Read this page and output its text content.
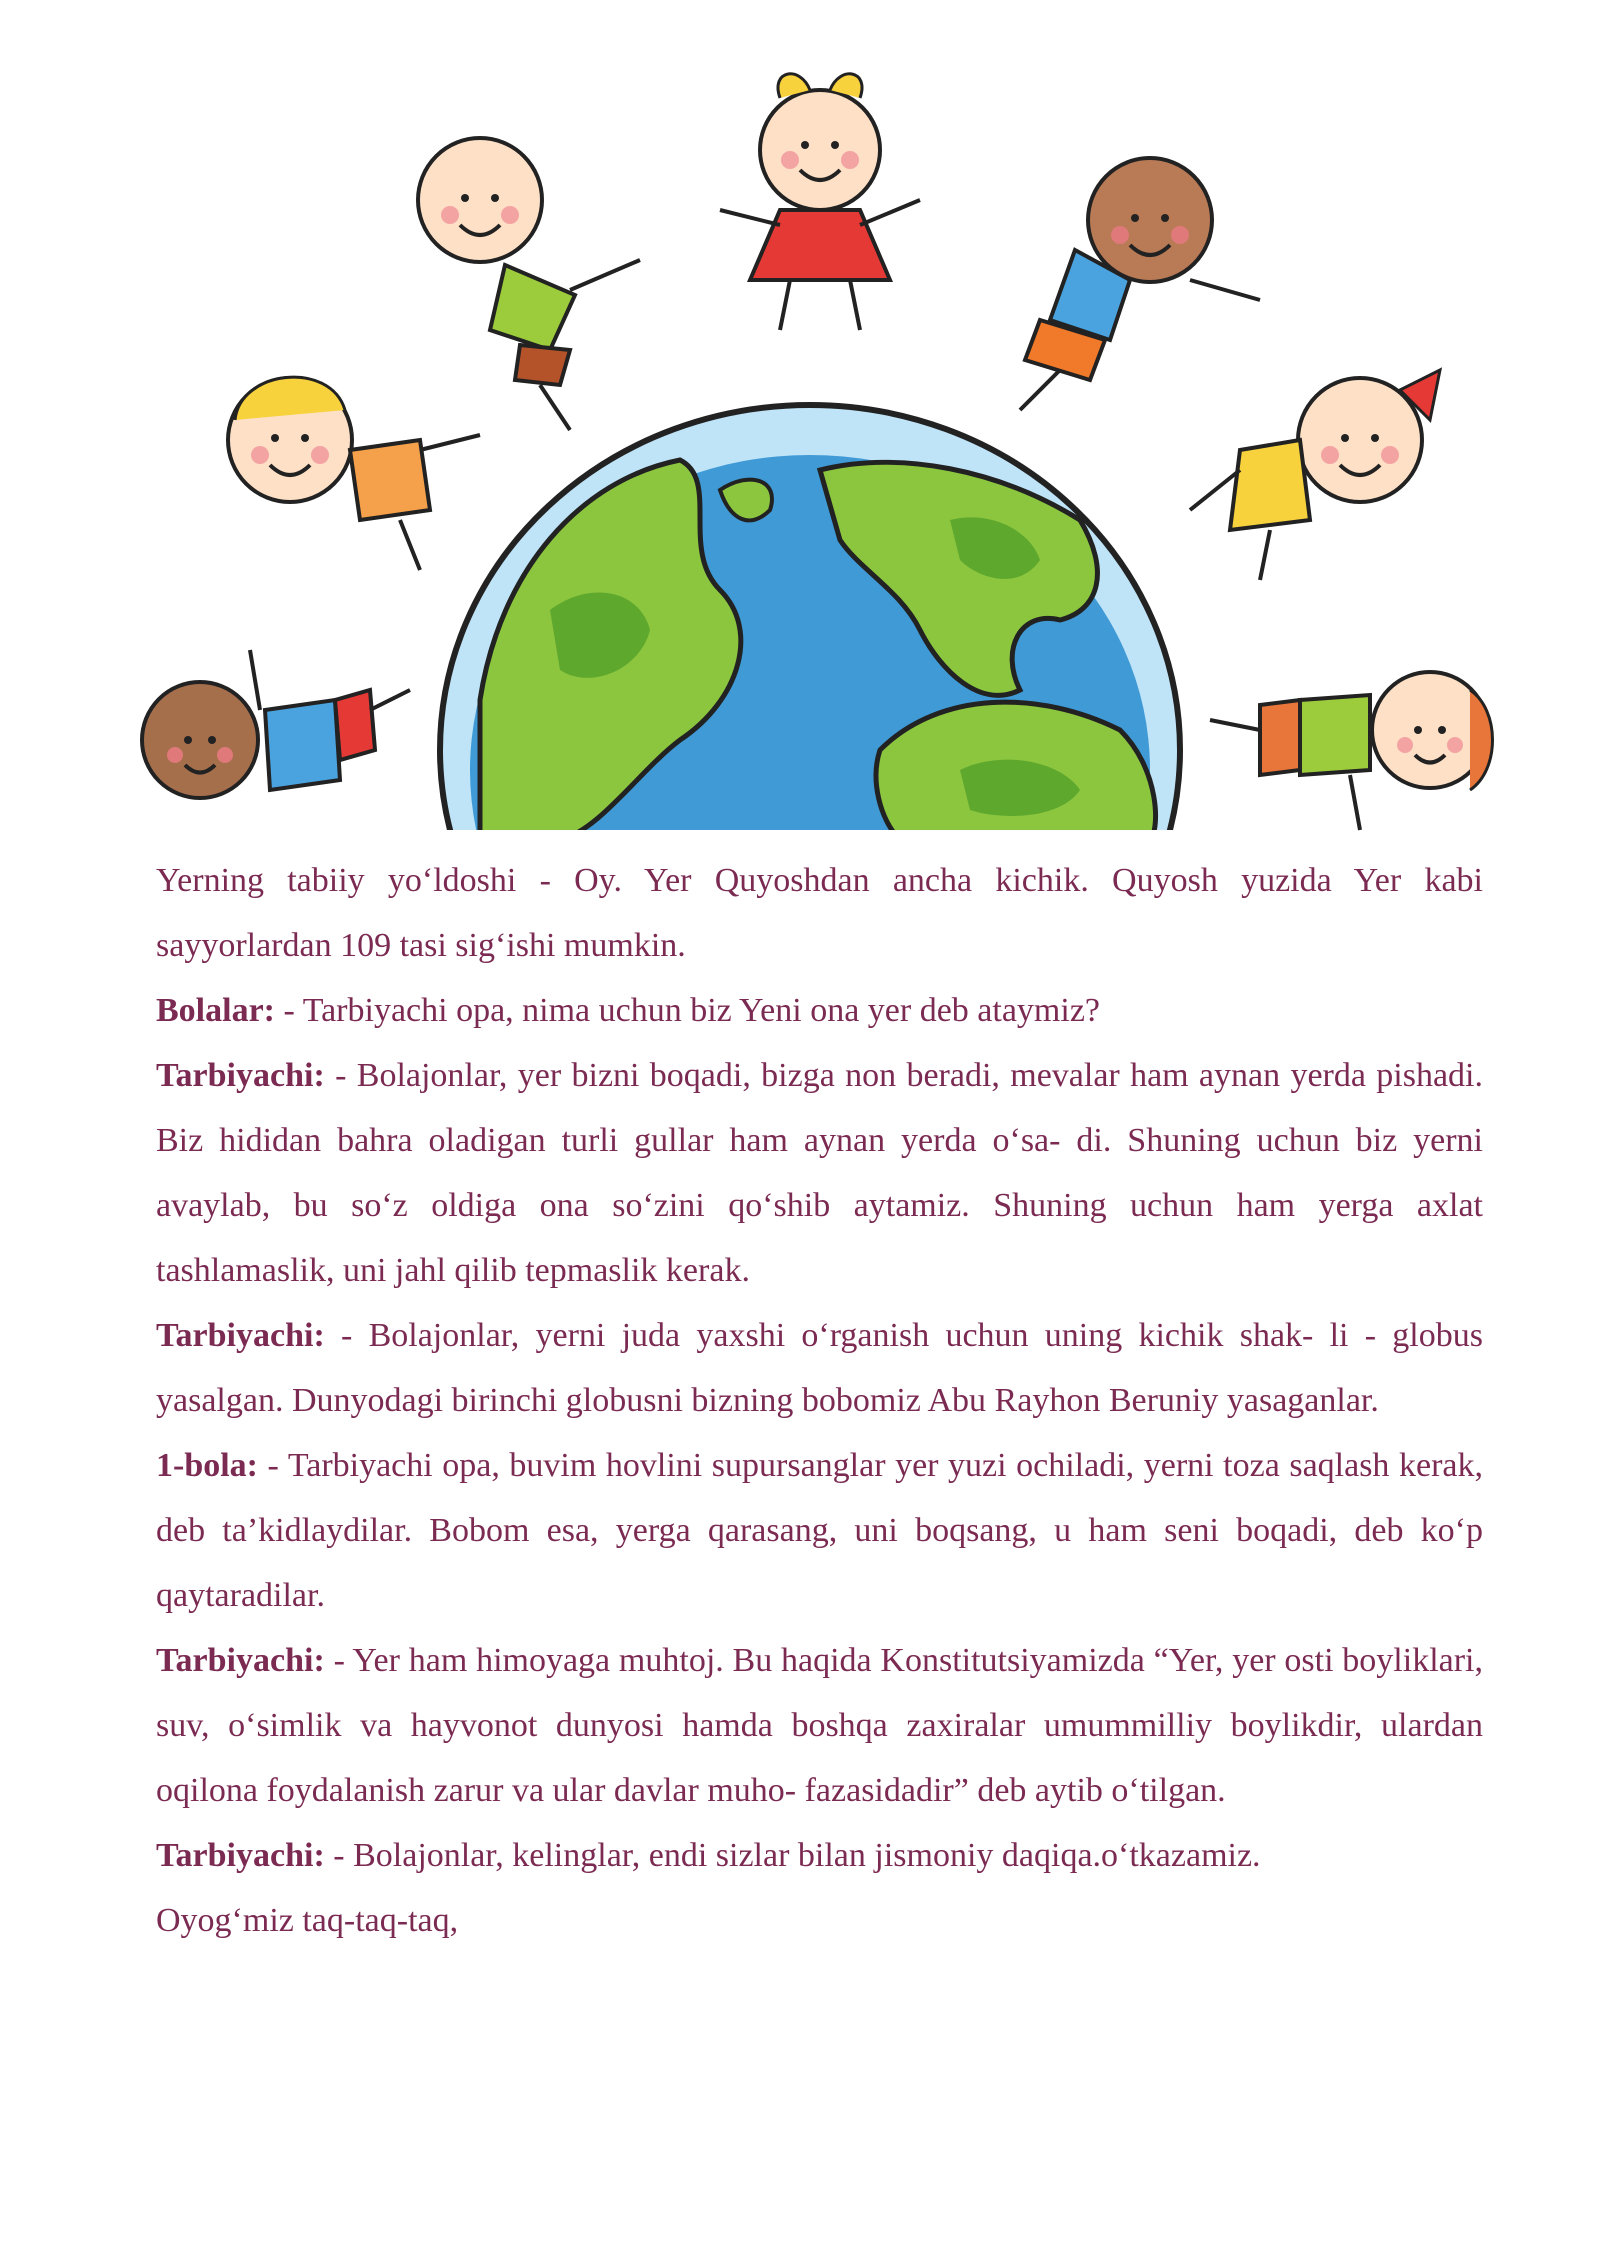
Yerning tabiiy yo‘ldoshi - Oy. Yer Quyoshdan ancha kichik. Quyosh yuzida Yer kabi sayyorlardan 109 tasi sig‘ishi mumkin.

Bolalar: - Tarbiyachi opa, nima uchun biz Yeni ona yer deb ataymiz?

Tarbiyachi: - Bolajonlar, yer bizni boqadi, bizga non beradi, mevalar ham aynan yerda pishadi. Biz hididan bahra oladigan turli gullar ham aynan yerda o‘sa- di. Shuning uchun biz yerni avaylab, bu so‘z oldiga ona so‘zini qo‘shib aytamiz. Shuning uchun ham yerga axlat tashlamaslik, uni jahl qilib tepmaslik kerak.

Tarbiyachi: - Bolajonlar, yerni juda yaxshi o‘rganish uchun uning kichik shak- li - globus yasalgan. Dunyodagi birinchi globusni bizning bobomiz Abu Rayhon Beruniy yasaganlar.

1-bola: - Tarbiyachi opa, buvim hovlini supursanglar yer yuzi ochiladi, yerni toza saqlash kerak, deb ta’kidlaydilar. Bobom esa, yerga qarasang, uni boqsang, u ham seni boqadi, deb ko‘p qaytaradilar.

Tarbiyachi: - Yer ham himoyaga muhtoj. Bu haqida Konstitutsiyamizda “Yer, yer osti boyliklari, suv, o‘simlik va hayvonot dunyosi hamda boshqa zaxiralar umummilliy boylikdir, ulardan oqilona foydalanish zarur va ular davlar muho- fazasidadir” deb aytib o‘tilgan.

Tarbiyachi: - Bolajonlar, kelinglar, endi sizlar bilan jismoniy daqiqa.o‘tkazamiz.

Oyog‘miz taq-taq-taq,
